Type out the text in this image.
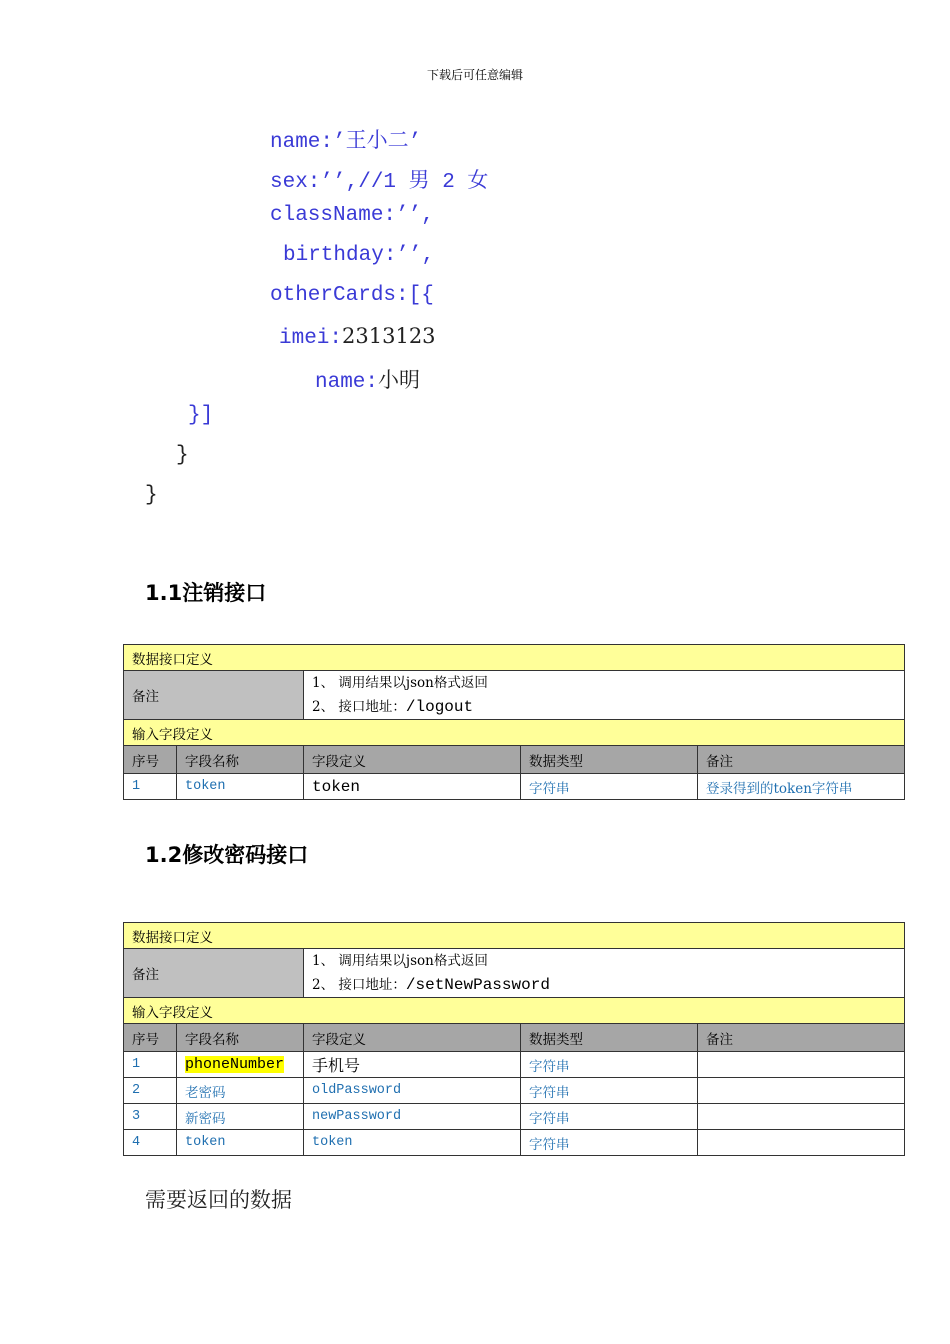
下载后可任意编辑
name:’王小二’
sex:’’,//1 男 2 女
className:’’,
birthday:’’,
otherCards:[{
imei:2313123
name:小明
}]
}
}
1.1注销接口
数据接口定义				
备注		1、 调用结果以json格式返回
2、 接口地址：/logout		

输入字段定义				
序号	字段名称	字段定义	数据类型	备注
1	token	token	字符串	登录得到的token字符串
1.2修改密码接口
数据接口定义				
备注		1、 调用结果以json格式返回
2、 接口地址：/setNewPassword		

输入字段定义				
序号	字段名称	字段定义	数据类型	备注
1	phoneNumber	手机号	字符串	
2	老密码	oldPassword	字符串	
3	新密码	newPassword	字符串	
4	token	token	字符串	
需要返回的数据
